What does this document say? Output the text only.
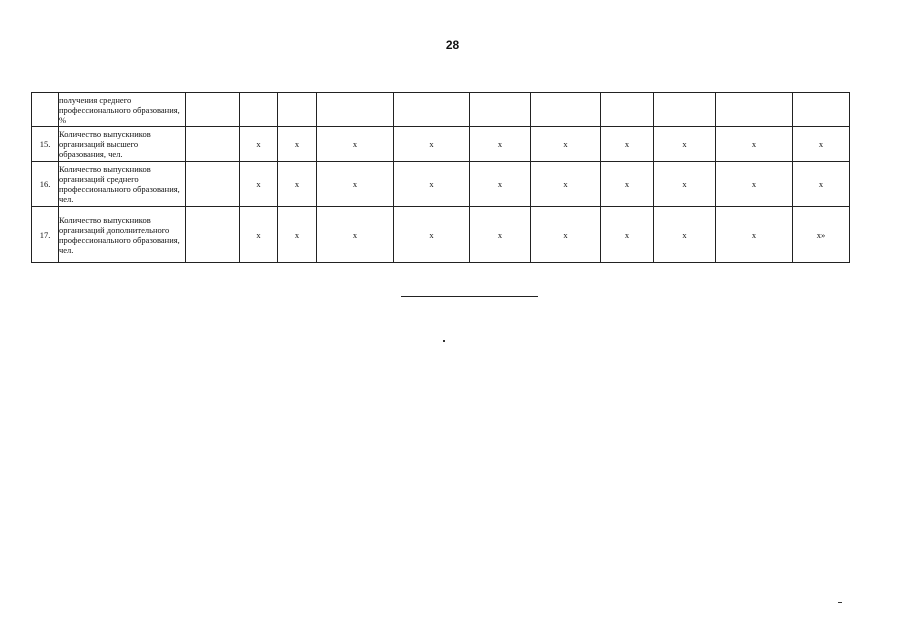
28
	получения среднего профессионального образования, %											
15.	Количество выпускников организаций высшего образования, чел.		х	х	х	х	х	х	х	х	х	х
16.	Количество выпускников организаций среднего профессионального образования, чел.		х	х	х	х	х	х	х	х	х	х
17.	Количество выпускников организаций дополнительного профессионального образования, чел.		х	х	х	х	х	х	х	х	х	х»
